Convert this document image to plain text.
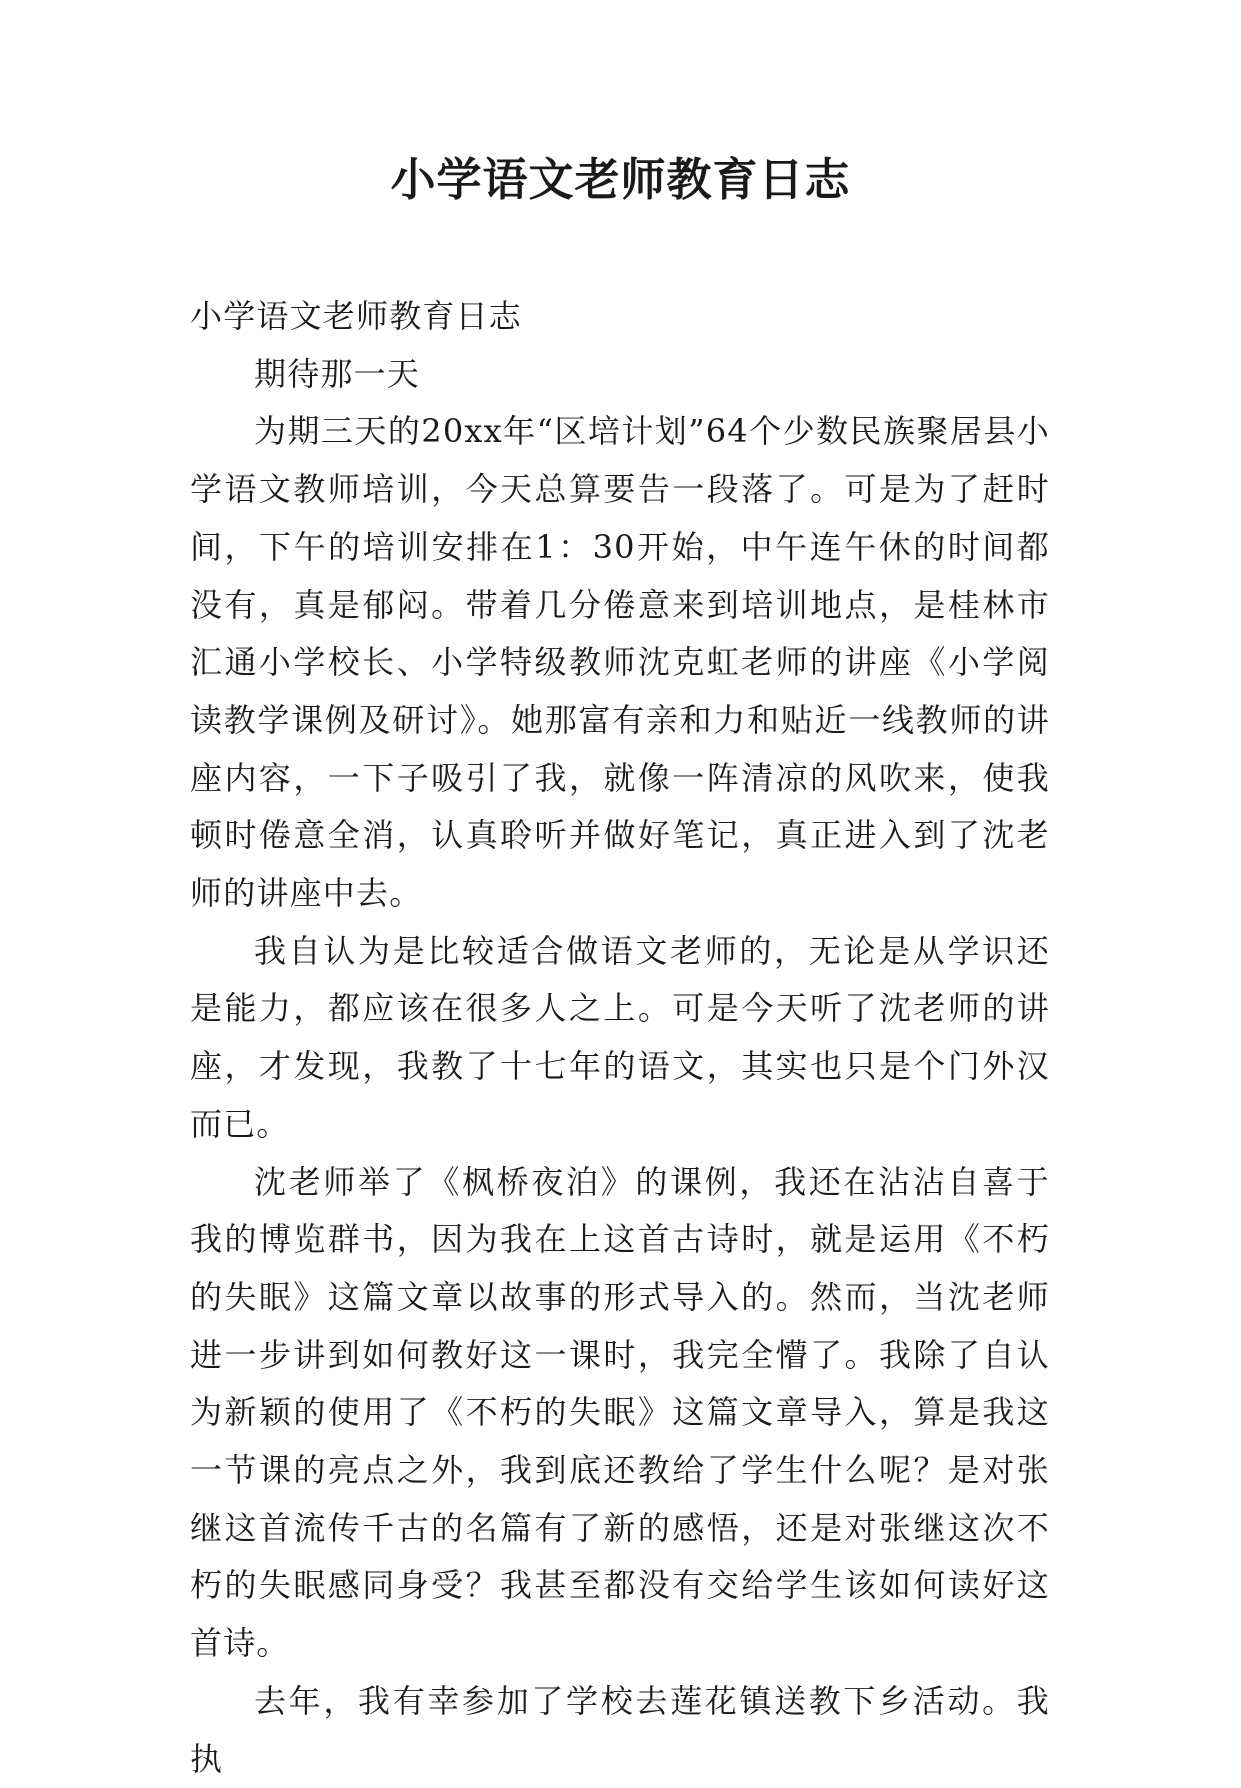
小学语文老师教育日志

小学语文老师教育日志

期待那一天

为期三天的20xx年“区培计划”64个少数民族聚居县小学语文教师培训，今天总算要告一段落了。可是为了赶时间，下午的培训安排在1：30开始，中午连午休的时间都没有，真是郁闷。带着几分倦意来到培训地点，是桂林市汇通小学校长、小学特级教师沈克虹老师的讲座《小学阅读教学课例及研讨》。她那富有亲和力和贴近一线教师的讲座内容，一下子吸引了我，就像一阵清凉的风吹来，使我顿时倦意全消，认真聆听并做好笔记，真正进入到了沈老师的讲座中去。

我自认为是比较适合做语文老师的，无论是从学识还是能力，都应该在很多人之上。可是今天听了沈老师的讲座，才发现，我教了十七年的语文，其实也只是个门外汉而已。

沈老师举了《枫桥夜泊》的课例，我还在沾沾自喜于我的博览群书，因为我在上这首古诗时，就是运用《不朽的失眠》这篇文章以故事的形式导入的。然而，当沈老师进一步讲到如何教好这一课时，我完全懵了。我除了自认为新颖的使用了《不朽的失眠》这篇文章导入，算是我这一节课的亮点之外，我到底还教给了学生什么呢？是对张继这首流传千古的名篇有了新的感悟，还是对张继这次不朽的失眠感同身受？我甚至都没有交给学生该如何读好这首诗。

去年，我有幸参加了学校去莲花镇送教下乡活动。我执
